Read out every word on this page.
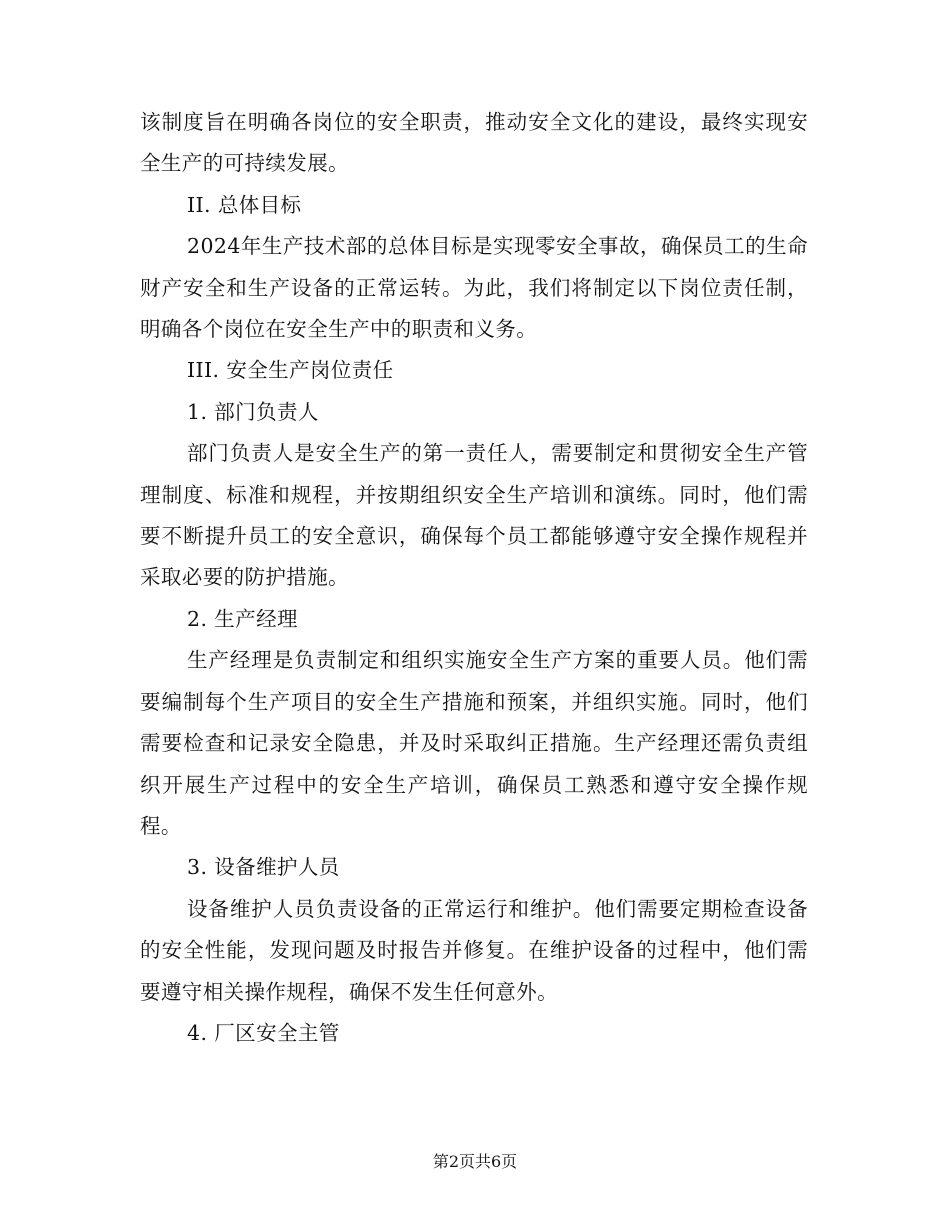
该制度旨在明确各岗位的安全职责，推动安全文化的建设，最终实现安全生产的可持续发展。

II. 总体目标

2024年生产技术部的总体目标是实现零安全事故，确保员工的生命财产安全和生产设备的正常运转。为此，我们将制定以下岗位责任制，明确各个岗位在安全生产中的职责和义务。

III. 安全生产岗位责任

1. 部门负责人

部门负责人是安全生产的第一责任人，需要制定和贯彻安全生产管理制度、标准和规程，并按期组织安全生产培训和演练。同时，他们需要不断提升员工的安全意识，确保每个员工都能够遵守安全操作规程并采取必要的防护措施。

2. 生产经理

生产经理是负责制定和组织实施安全生产方案的重要人员。他们需要编制每个生产项目的安全生产措施和预案，并组织实施。同时，他们需要检查和记录安全隐患，并及时采取纠正措施。生产经理还需负责组织开展生产过程中的安全生产培训，确保员工熟悉和遵守安全操作规程。

3. 设备维护人员

设备维护人员负责设备的正常运行和维护。他们需要定期检查设备的安全性能，发现问题及时报告并修复。在维护设备的过程中，他们需要遵守相关操作规程，确保不发生任何意外。

4. 厂区安全主管

第2页共6页
